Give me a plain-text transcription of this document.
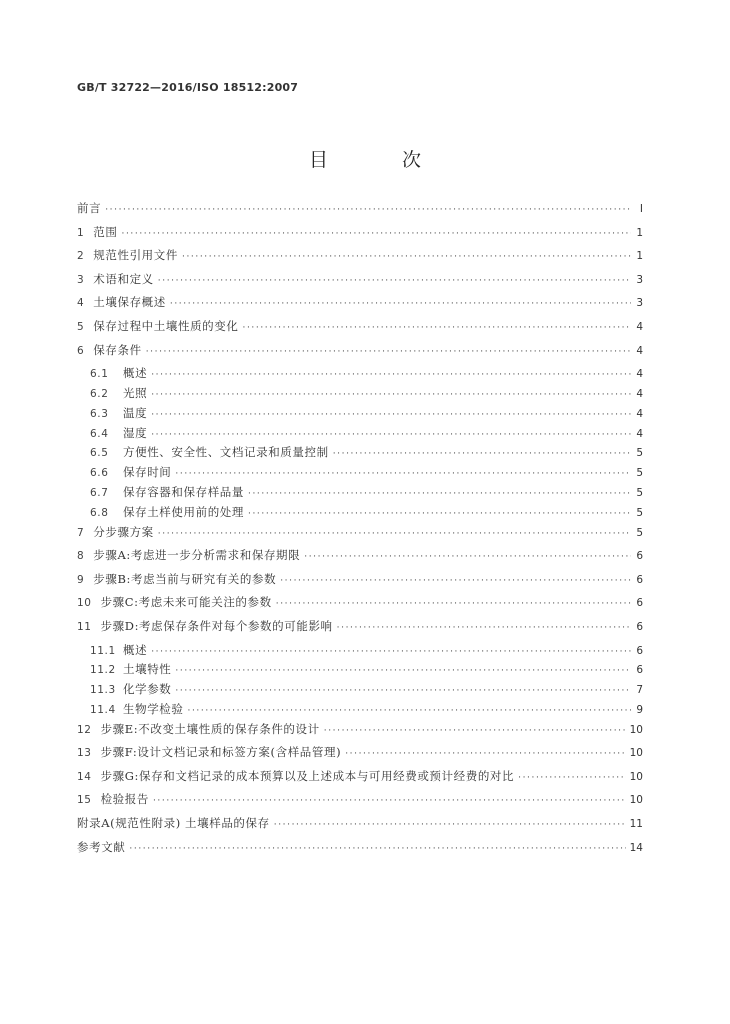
GB/T 32722—2016/ISO 18512:2007
目 次
前言 ·····	Ⅰ
1 范围 ·····	1
2 规范性引用文件 ·····	1
3 术语和定义 ·····	3
4 土壤保存概述 ·····	3
5 保存过程中土壤性质的变化 ·····	4
6 保存条件 ·····	4
6.1 概述 ·····	4
6.2 光照 ·····	4
6.3 温度 ·····	4
6.4 湿度 ·····	4
6.5 方便性、安全性、文档记录和质量控制 ·····	5
6.6 保存时间 ·····	5
6.7 保存容器和保存样品量 ·····	5
6.8 保存土样使用前的处理 ·····	5
7 分步骤方案 ·····	5
8 步骤A:考虑进一步分析需求和保存期限 ·····	6
9 步骤B:考虑当前与研究有关的参数 ·····	6
10 步骤C:考虑未来可能关注的参数 ·····	6
11 步骤D:考虑保存条件对每个参数的可能影响 ·····	6
11.1 概述 ·····	6
11.2 土壤特性 ·····	6
11.3 化学参数 ·····	7
11.4 生物学检验 ·····	9
12 步骤E:不改变土壤性质的保存条件的设计 ·····	10
13 步骤F:设计文档记录和标签方案(含样品管理) ·····	10
14 步骤G:保存和文档记录的成本预算以及上述成本与可用经费或预计经费的对比 ·····	10
15 检验报告 ·····	10
附录A(规范性附录) 土壤样品的保存 ·····	11
参考文献 ·····	14
